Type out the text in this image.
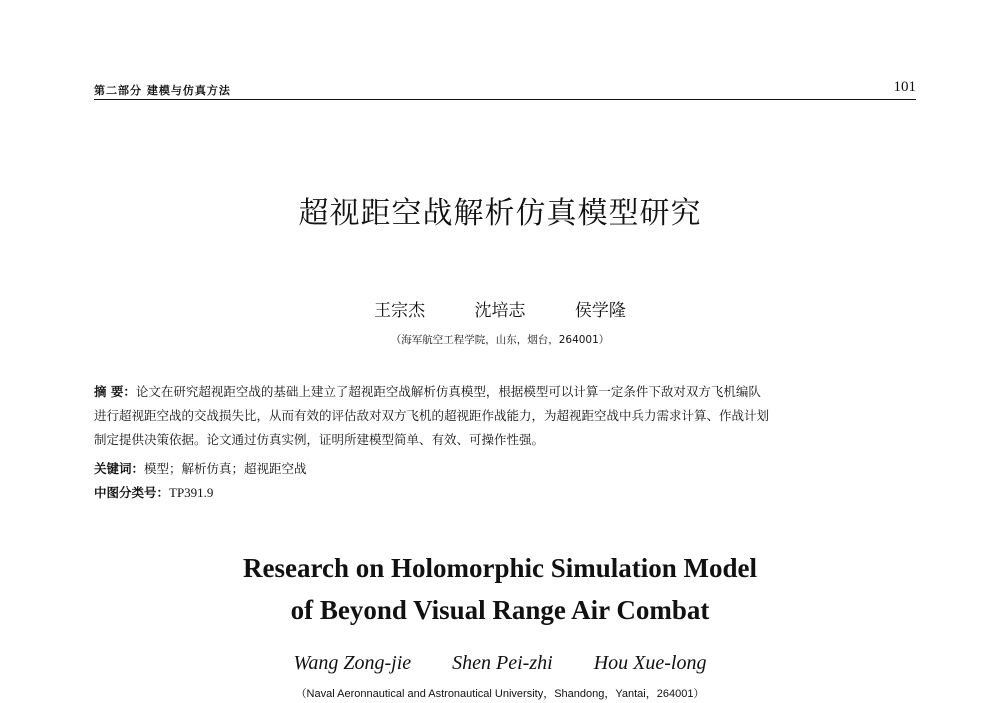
第二部分 建模与仿真方法	101
超视距空战解析仿真模型研究
王宗杰	沈培志	侯学隆
（海军航空工程学院，山东，烟台，264001）
摘 要：论文在研究超视距空战的基础上建立了超视距空战解析仿真模型，根据模型可以计算一定条件下敌对双方飞机编队
进行超视距空战的交战损失比，从而有效的评估敌对双方飞机的超视距作战能力，为超视距空战中兵力需求计算、作战计划
制定提供决策依据。论文通过仿真实例，证明所建模型简单、有效、可操作性强。
关键词：模型；解析仿真；超视距空战
中图分类号：TP391.9
Research on Holomorphic Simulation Model
of Beyond Visual Range Air Combat
Wang Zong-jie Shen Pei-zhi Hou Xue-long
（Naval Aeronnautical and Astronautical University，Shandong，Yantai，264001）
